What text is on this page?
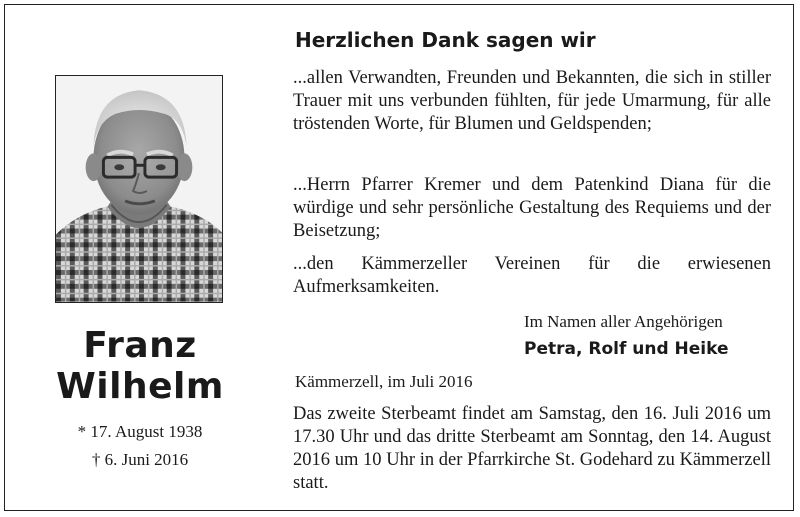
Franz
Wilhelm
* 17. August 1938
† 6. Juni 2016
Herzlichen Dank sagen wir

...allen Verwandten, Freunden und Bekannten, die sich in stiller Trauer mit uns verbunden fühlten, für jede Umarmung, für alle tröstenden Worte, für Blumen und Geldspenden;

...Herrn Pfarrer Kremer und dem Patenkind Diana für die würdige und sehr persönliche Gestaltung des Requiems und der Beisetzung;

...den Kämmerzeller Vereinen für die erwiesenen Aufmerksamkeiten.

Im Namen aller Angehörigen
Petra, Rolf und Heike
Kämmerzell, im Juli 2016

Das zweite Sterbeamt findet am Samstag, den 16. Juli 2016 um 17.30 Uhr und das dritte Sterbeamt am Sonntag, den 14. August 2016 um 10 Uhr in der Pfarrkirche St. Godehard zu Kämmerzell statt.
